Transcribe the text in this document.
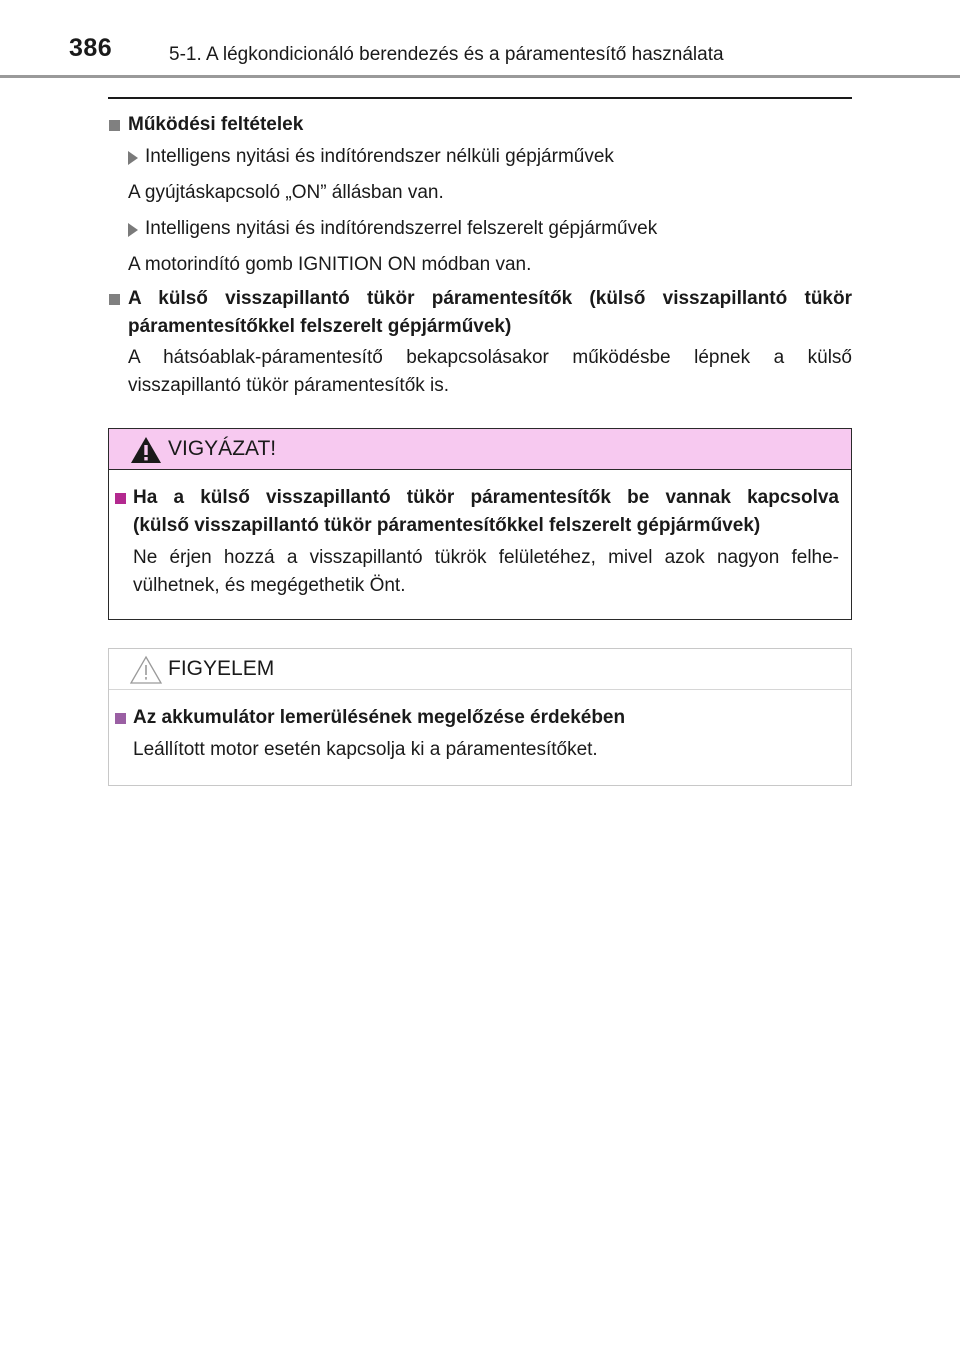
386	5-1. A légkondicionáló berendezés és a páramentesítő használata
Működési feltételek
Intelligens nyitási és indítórendszer nélküli gépjárművek
A gyújtáskapcsoló „ON” állásban van.
Intelligens nyitási és indítórendszerrel felszerelt gépjárművek
A motorindító gomb IGNITION ON módban van.
A külső visszapillantó tükör páramentesítők (külső visszapillantó tükör
páramentesítőkkel felszerelt gépjárművek)
A hátsóablak-páramentesítő bekapcsolásakor működésbe lépnek a külső
visszapillantó tükör páramentesítők is.
VIGYÁZAT!
Ha a külső visszapillantó tükör páramentesítők be vannak kapcsolva
(külső visszapillantó tükör páramentesítőkkel felszerelt gépjárművek)
Ne érjen hozzá a visszapillantó tükrök felületéhez, mivel azok nagyon felhe-
vülhetnek, és megégethetik Önt.
FIGYELEM
Az akkumulátor lemerülésének megelőzése érdekében
Leállított motor esetén kapcsolja ki a páramentesítőket.
